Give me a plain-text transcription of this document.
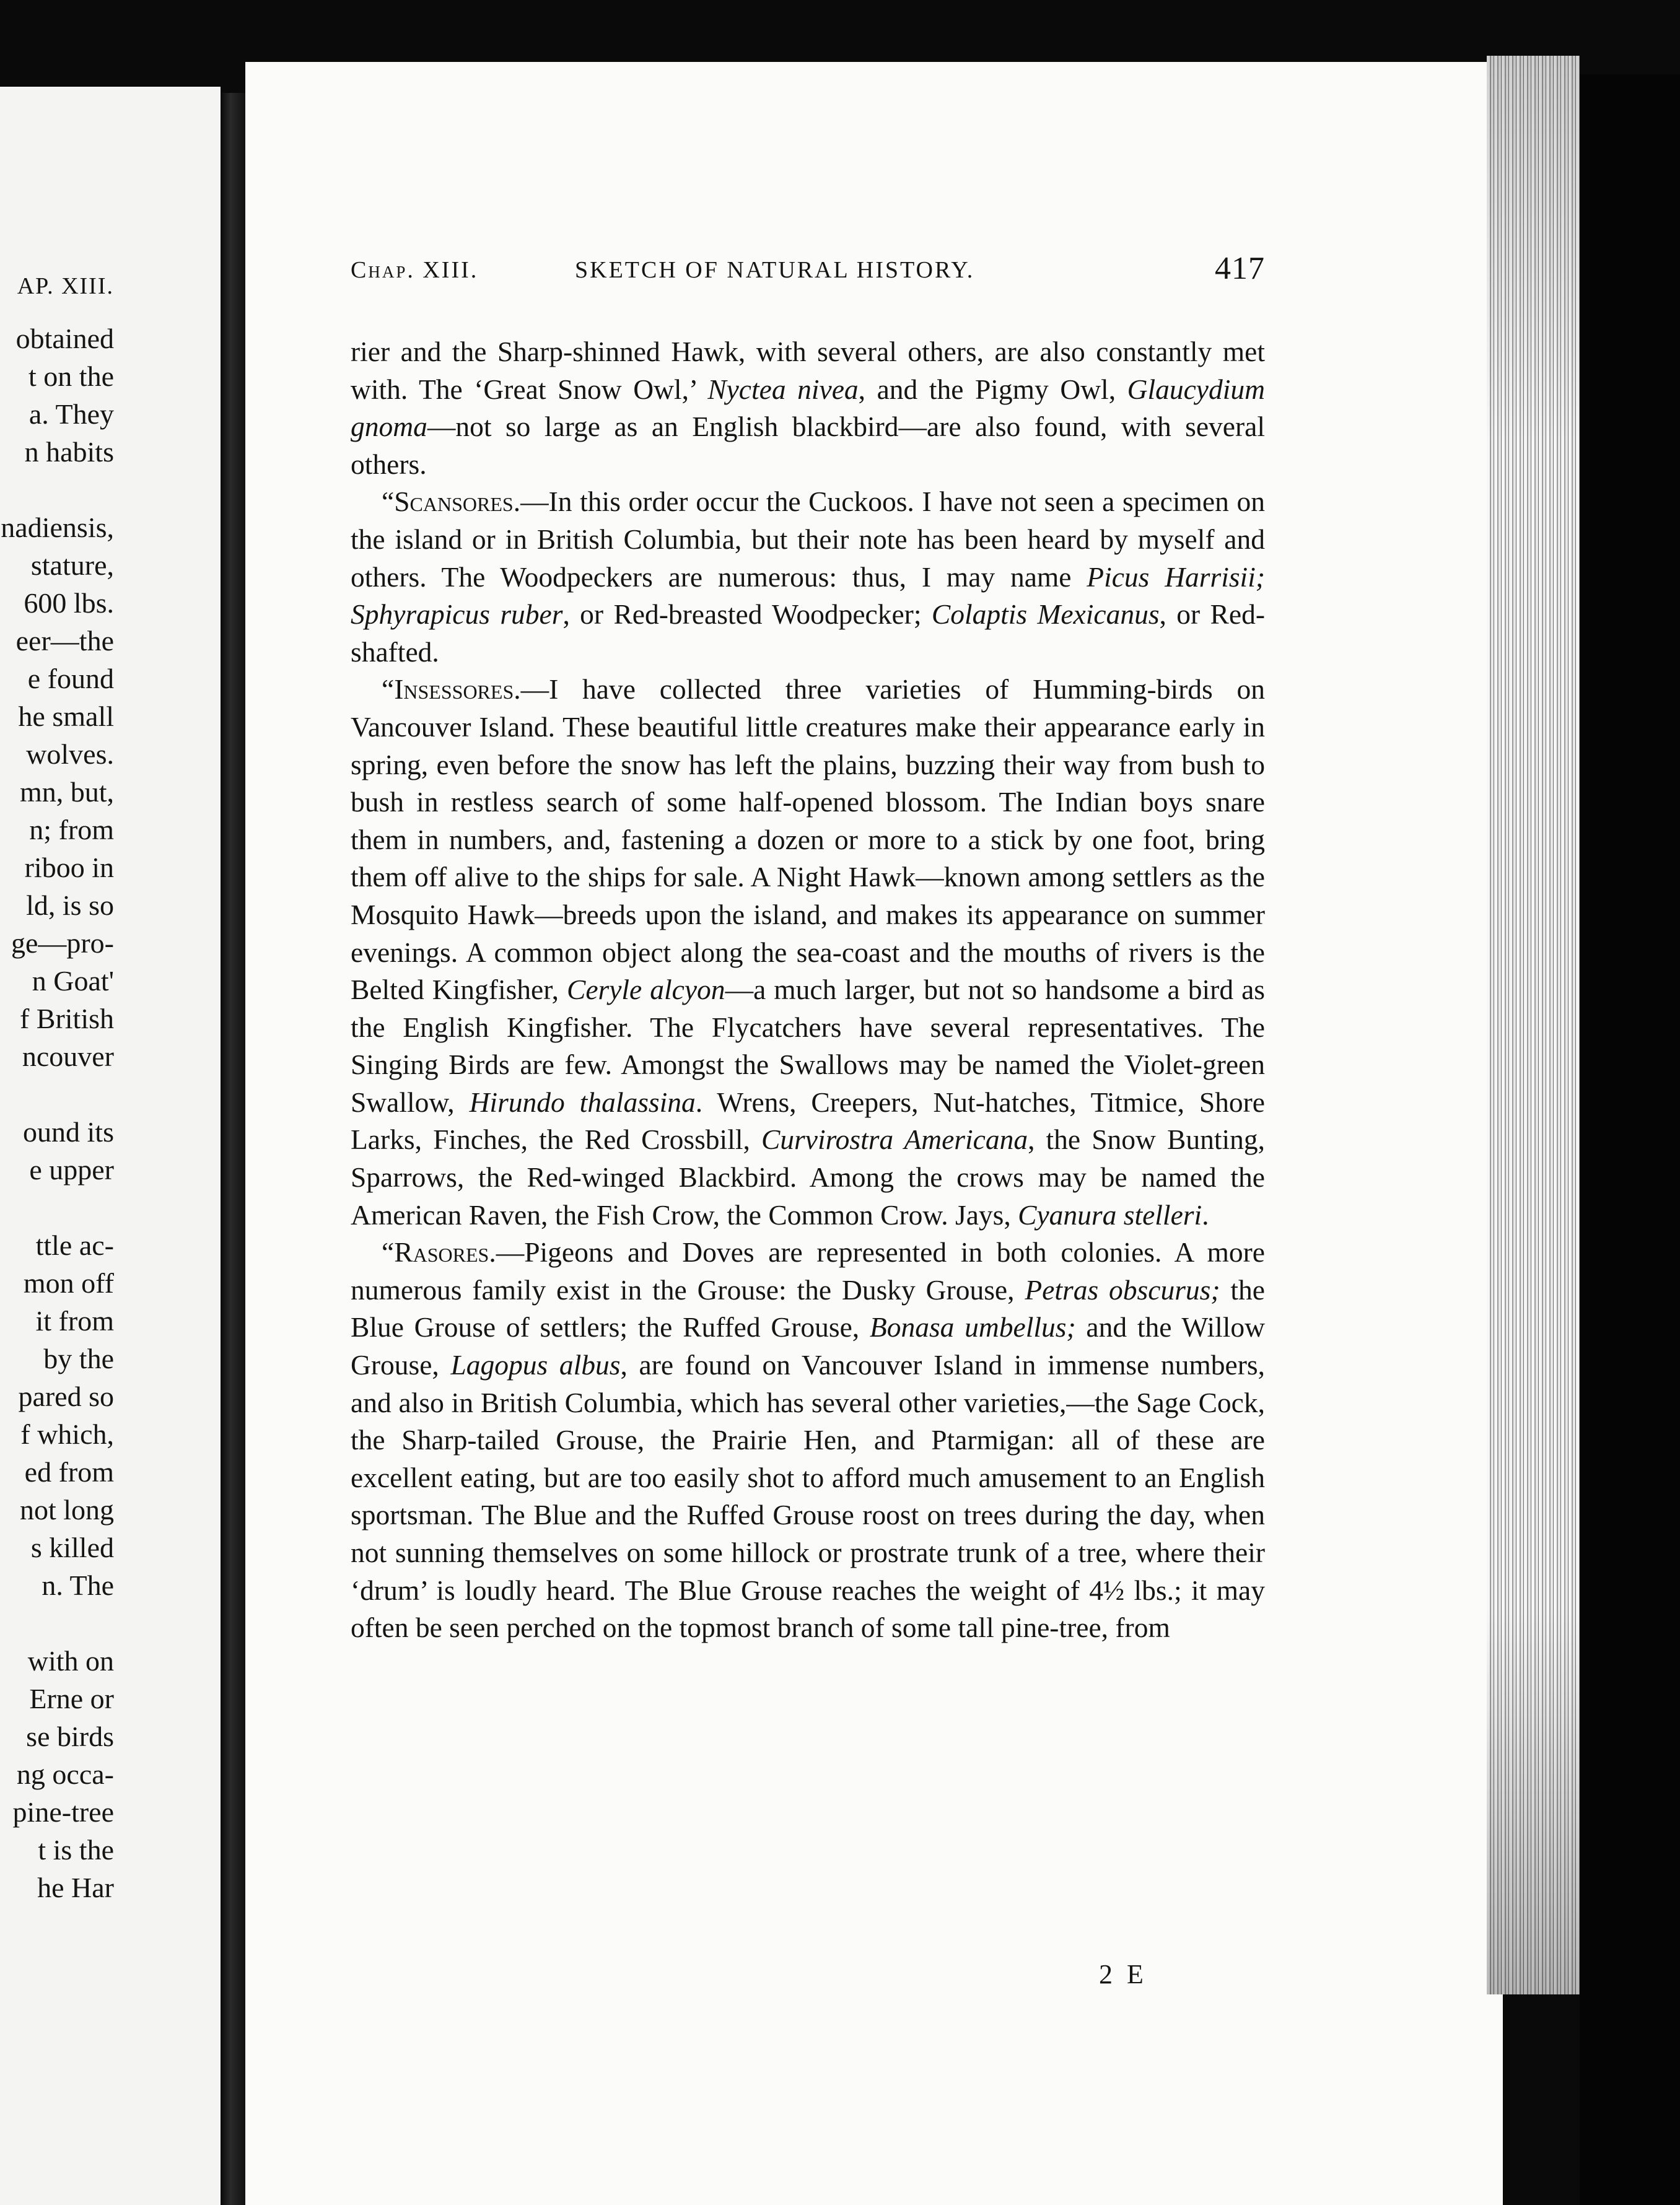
AP. XIII.
obtained
t on the
a. They
n habits
nadiensis,
stature,
600 lbs.
eer—the
e found
he small
wolves.
mn, but,
n; from
riboo in
ld, is so
ge—pro-
n Goat'
f British
ncouver
ound its
e upper
ttle ac-
mon off
it from
by the
pared so
f which,
ed from
not long
s killed
n. The
with on
Erne or
se birds
ng occa-
pine-tree
t is the
he Har
Chap. XIII.	SKETCH OF NATURAL HISTORY.	417

rier and the Sharp-shinned Hawk, with several others, are also constantly met with. The ‘Great Snow Owl,’ Nyctea nivea, and the Pigmy Owl, Glaucydium gnoma—not so large as an English blackbird—are also found, with several others.

“Scansores.—In this order occur the Cuckoos. I have not seen a specimen on the island or in British Columbia, but their note has been heard by myself and others. The Woodpeckers are numerous: thus, I may name Picus Harrisii; Sphyrapicus ruber, or Red-breasted Woodpecker; Colaptis Mexicanus, or Red-shafted.

“Insessores.—I have collected three varieties of Humming-birds on Vancouver Island. These beautiful little creatures make their appearance early in spring, even before the snow has left the plains, buzzing their way from bush to bush in restless search of some half-opened blossom. The Indian boys snare them in numbers, and, fastening a dozen or more to a stick by one foot, bring them off alive to the ships for sale. A Night Hawk—known among settlers as the Mosquito Hawk—breeds upon the island, and makes its appearance on summer evenings. A common object along the sea-coast and the mouths of rivers is the Belted Kingfisher, Ceryle alcyon—a much larger, but not so handsome a bird as the English Kingfisher. The Flycatchers have several representatives. The Singing Birds are few. Amongst the Swallows may be named the Violet-green Swallow, Hirundo thalassina. Wrens, Creepers, Nut-hatches, Titmice, Shore Larks, Finches, the Red Crossbill, Curvirostra Americana, the Snow Bunting, Sparrows, the Red-winged Blackbird. Among the crows may be named the American Raven, the Fish Crow, the Common Crow. Jays, Cyanura stelleri.

“Rasores.—Pigeons and Doves are represented in both colonies. A more numerous family exist in the Grouse: the Dusky Grouse, Petras obscurus; the Blue Grouse of settlers; the Ruffed Grouse, Bonasa umbellus; and the Willow Grouse, Lagopus albus, are found on Vancouver Island in immense numbers, and also in British Columbia, which has several other varieties,—the Sage Cock, the Sharp-tailed Grouse, the Prairie Hen, and Ptarmigan: all of these are excellent eating, but are too easily shot to afford much amusement to an English sportsman. The Blue and the Ruffed Grouse roost on trees during the day, when not sunning themselves on some hillock or prostrate trunk of a tree, where their ‘drum’ is loudly heard. The Blue Grouse reaches the weight of 4½ lbs.; it may often be seen perched on the topmost branch of some tall pine-tree, from

2 E
